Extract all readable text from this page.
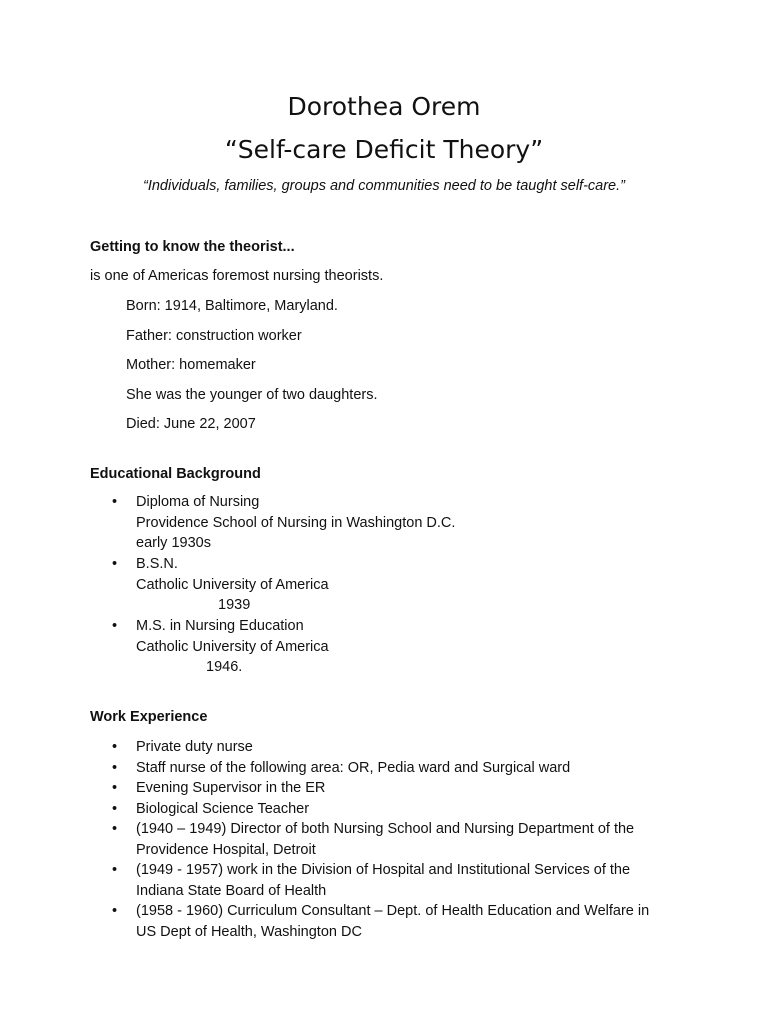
Dorothea Orem
“Self-care Deficit Theory”

“Individuals, families, groups and communities need to be taught self-care.”

Getting to know the theorist...

is one of Americas foremost nursing theorists.

Born: 1914, Baltimore, Maryland.

Father: construction worker

Mother: homemaker

She was the younger of two daughters.

Died: June 22, 2007

Educational Background
• Diploma of Nursing
Providence School of Nursing in Washington D.C.
early 1930s
• B.S.N.
Catholic University of America
1939
• M.S. in Nursing Education
Catholic University of America
1946.
Work Experience
• Private duty nurse
• Staff nurse of the following area: OR, Pedia ward and Surgical ward
• Evening Supervisor in the ER
• Biological Science Teacher
• (1940 – 1949) Director of both Nursing School and Nursing Department of the
Providence Hospital, Detroit
• (1949 - 1957) work in the Division of Hospital and Institutional Services of the
Indiana State Board of Health
• (1958 - 1960) Curriculum Consultant – Dept. of Health Education and Welfare in
US Dept of Health, Washington DC
